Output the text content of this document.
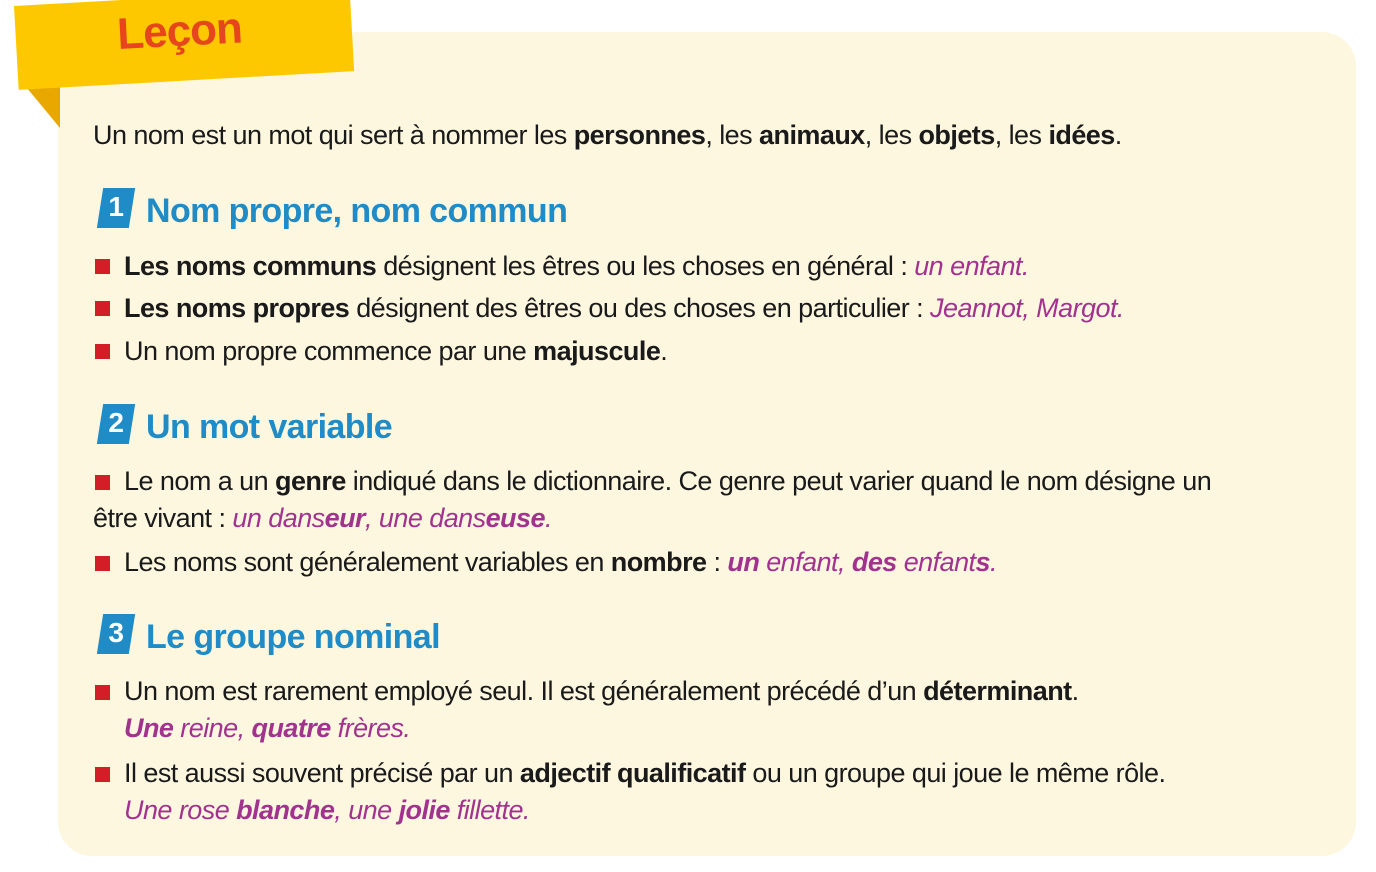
Leçon
Un nom est un mot qui sert à nommer les personnes, les animaux, les objets, les idées.
1 Nom propre, nom commun
Les noms communs désignent les êtres ou les choses en général : un enfant.
Les noms propres désignent des êtres ou des choses en particulier : Jeannot, Margot.
Un nom propre commence par une majuscule.
2 Un mot variable
Le nom a un genre indiqué dans le dictionnaire. Ce genre peut varier quand le nom désigne un
être vivant : un danseur, une danseuse.
Les noms sont généralement variables en nombre : un enfant, des enfants.
3 Le groupe nominal
Un nom est rarement employé seul. Il est généralement précédé d’un déterminant.
Une reine, quatre frères.
Il est aussi souvent précisé par un adjectif qualificatif ou un groupe qui joue le même rôle.
Une rose blanche, une jolie fillette.
